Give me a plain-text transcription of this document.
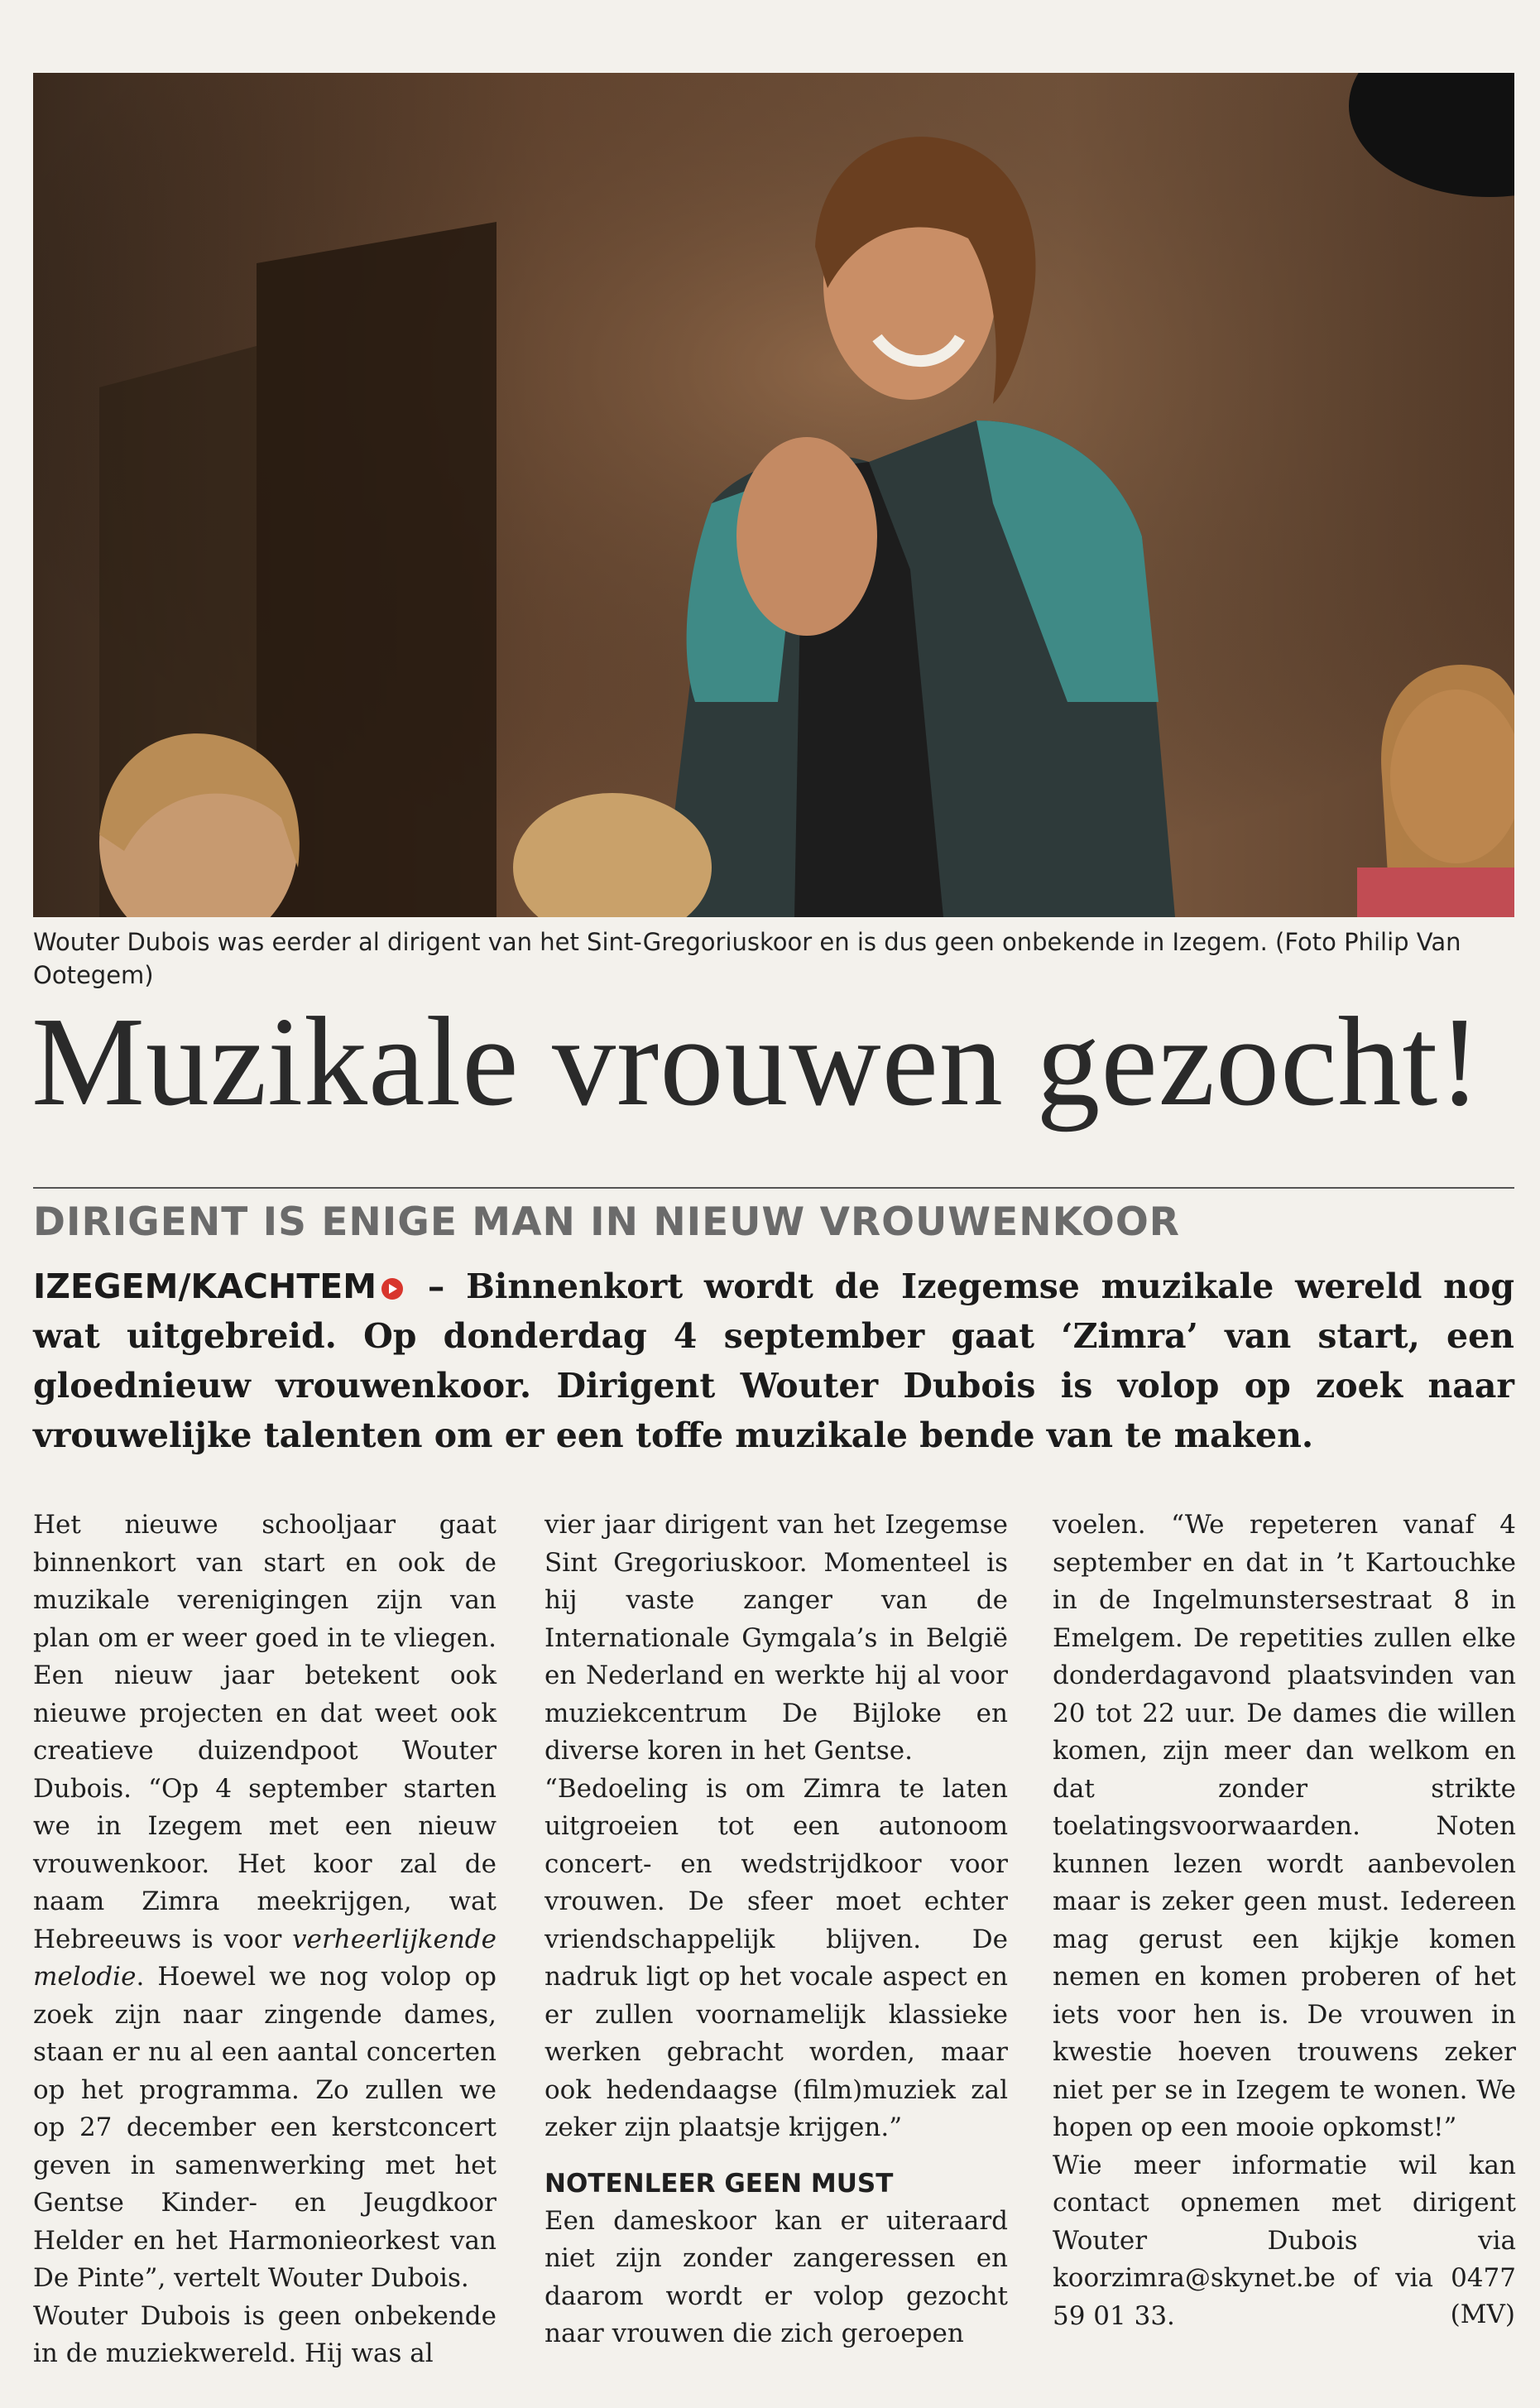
Wouter Dubois was eerder al dirigent van het Sint-Gregoriuskoor en is dus geen onbekende in Izegem. (Foto Philip Van Ootegem)
Muzikale vrouwen gezocht!
DIRIGENT IS ENIGE MAN IN NIEUW VROUWENKOOR
IZEGEM/KACHTEM – Binnenkort wordt de Izegemse muzikale wereld nog wat uitgebreid. Op donderdag 4 september gaat ‘Zimra’ van start, een gloednieuw vrouwenkoor. Dirigent Wouter Dubois is volop op zoek naar vrouwelijke talenten om er een toffe muzikale bende van te maken.

Het nieuwe schooljaar gaat binnenkort van start en ook de muzikale verenigingen zijn van plan om er weer goed in te vliegen. Een nieuw jaar betekent ook nieuwe projecten en dat weet ook creatieve duizendpoot Wouter Dubois. “Op 4 september starten we in Izegem met een nieuw vrouwenkoor. Het koor zal de naam Zimra meekrijgen, wat Hebreeuws is voor verheerlijkende melodie. Hoewel we nog volop op zoek zijn naar zingende dames, staan er nu al een aantal concerten op het programma. Zo zullen we op 27 december een kerstconcert geven in samenwerking met het Gentse Kinder- en Jeugdkoor Helder en het Harmonieorkest van De Pinte”, vertelt Wouter Dubois.

Wouter Dubois is geen onbekende in de muziekwereld. Hij was al

vier jaar dirigent van het Izegemse Sint Gregoriuskoor. Momenteel is hij vaste zanger van de Internationale Gymgala’s in België en Nederland en werkte hij al voor muziekcentrum De Bijloke en diverse koren in het Gentse.

“Bedoeling is om Zimra te laten uitgroeien tot een autonoom concert- en wedstrijdkoor voor vrouwen. De sfeer moet echter vriendschappelijk blijven. De nadruk ligt op het vocale aspect en er zullen voornamelijk klassieke werken gebracht worden, maar ook hedendaagse (film)muziek zal zeker zijn plaatsje krijgen.”

NOTENLEER GEEN MUST

Een dameskoor kan er uiteraard niet zijn zonder zangeressen en daarom wordt er volop gezocht naar vrouwen die zich geroepen

voelen. “We repeteren vanaf 4 september en dat in ’t Kartouchke in de Ingelmunstersestraat 8 in Emelgem. De repetities zullen elke donderdagavond plaatsvinden van 20 tot 22 uur. De dames die willen komen, zijn meer dan welkom en dat zonder strikte toelatingsvoorwaarden. Noten kunnen lezen wordt aanbevolen maar is zeker geen must. Iedereen mag gerust een kijkje komen nemen en komen proberen of het iets voor hen is. De vrouwen in kwestie hoeven trouwens zeker niet per se in Izegem te wonen. We hopen op een mooie opkomst!”

Wie meer informatie wil kan contact opnemen met dirigent Wouter Dubois via koorzimra@skynet.be of via 0477 59 01 33.	(MV)
